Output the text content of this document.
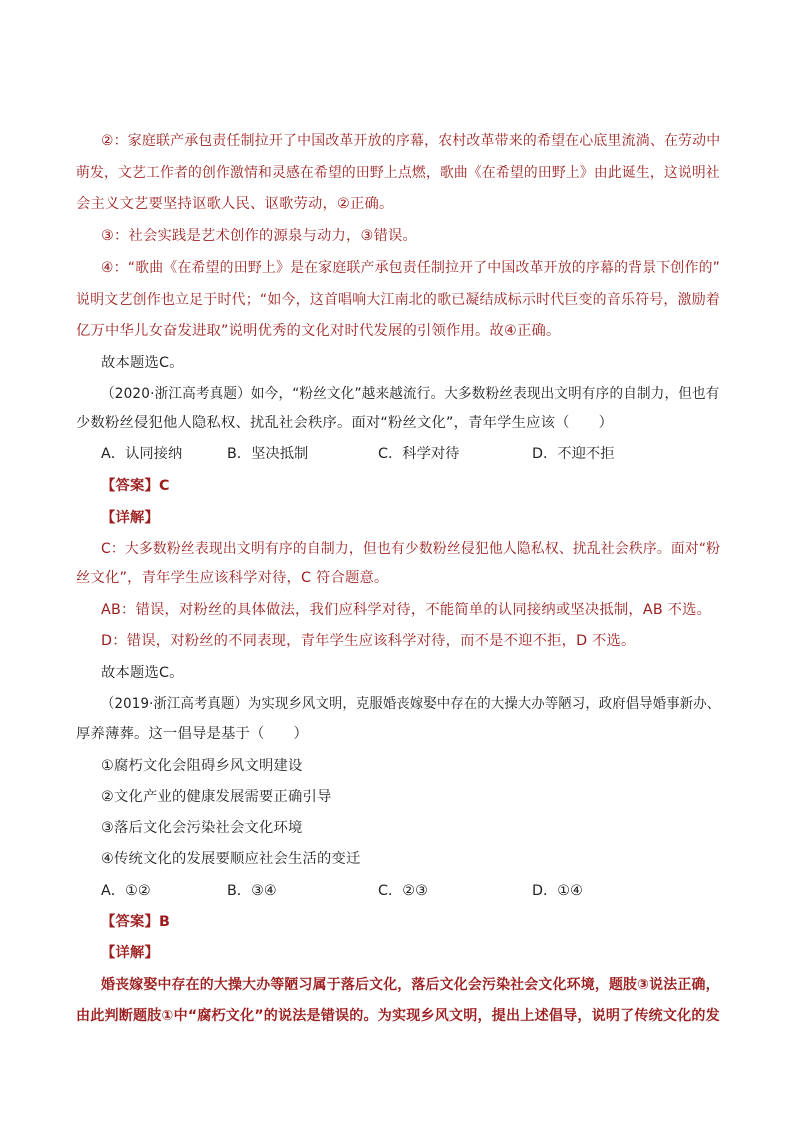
②：家庭联产承包责任制拉开了中国改革开放的序幕，农村改革带来的希望在心底里流淌、在劳动中
萌发，文艺工作者的创作激情和灵感在希望的田野上点燃，歌曲《在希望的田野上》由此诞生，这说明社
会主义文艺要坚持讴歌人民、讴歌劳动，②正确。
③：社会实践是艺术创作的源泉与动力，③错误。
④：“歌曲《在希望的田野上》是在家庭联产承包责任制拉开了中国改革开放的序幕的背景下创作的”
说明文艺创作也立足于时代；“如今，这首唱响大江南北的歌已凝结成标示时代巨变的音乐符号，激励着
亿万中华儿女奋发进取”说明优秀的文化对时代发展的引领作用。故④正确。
故本题选C。
（2020·浙江高考真题）如今，“粉丝文化”越来越流行。大多数粉丝表现出文明有序的自制力，但也有
少数粉丝侵犯他人隐私权、扰乱社会秩序。面对“粉丝文化”，青年学生应该（　　）
A．认同接纳	B．坚决抵制	C．科学对待	D．不迎不拒
【答案】C
【详解】
C：大多数粉丝表现出文明有序的自制力，但也有少数粉丝侵犯他人隐私权、扰乱社会秩序。面对“粉
丝文化”，青年学生应该科学对待，C 符合题意。
AB：错误，对粉丝的具体做法，我们应科学对待，不能简单的认同接纳或坚决抵制，AB 不选。
D：错误，对粉丝的不同表现，青年学生应该科学对待，而不是不迎不拒，D 不选。
故本题选C。
（2019·浙江高考真题）为实现乡风文明，克服婚丧嫁娶中存在的大操大办等陋习，政府倡导婚事新办、
厚养薄葬。这一倡导是基于（　　）
①腐朽文化会阻碍乡风文明建设
②文化产业的健康发展需要正确引导
③落后文化会污染社会文化环境
④传统文化的发展要顺应社会生活的变迁
A．①②	B．③④	C．②③	D．①④
【答案】B
【详解】
婚丧嫁娶中存在的大操大办等陋习属于落后文化，落后文化会污染社会文化环境，题肢③说法正确，
由此判断题肢①中“腐朽文化”的说法是错误的。为实现乡风文明，提出上述倡导，说明了传统文化的发
